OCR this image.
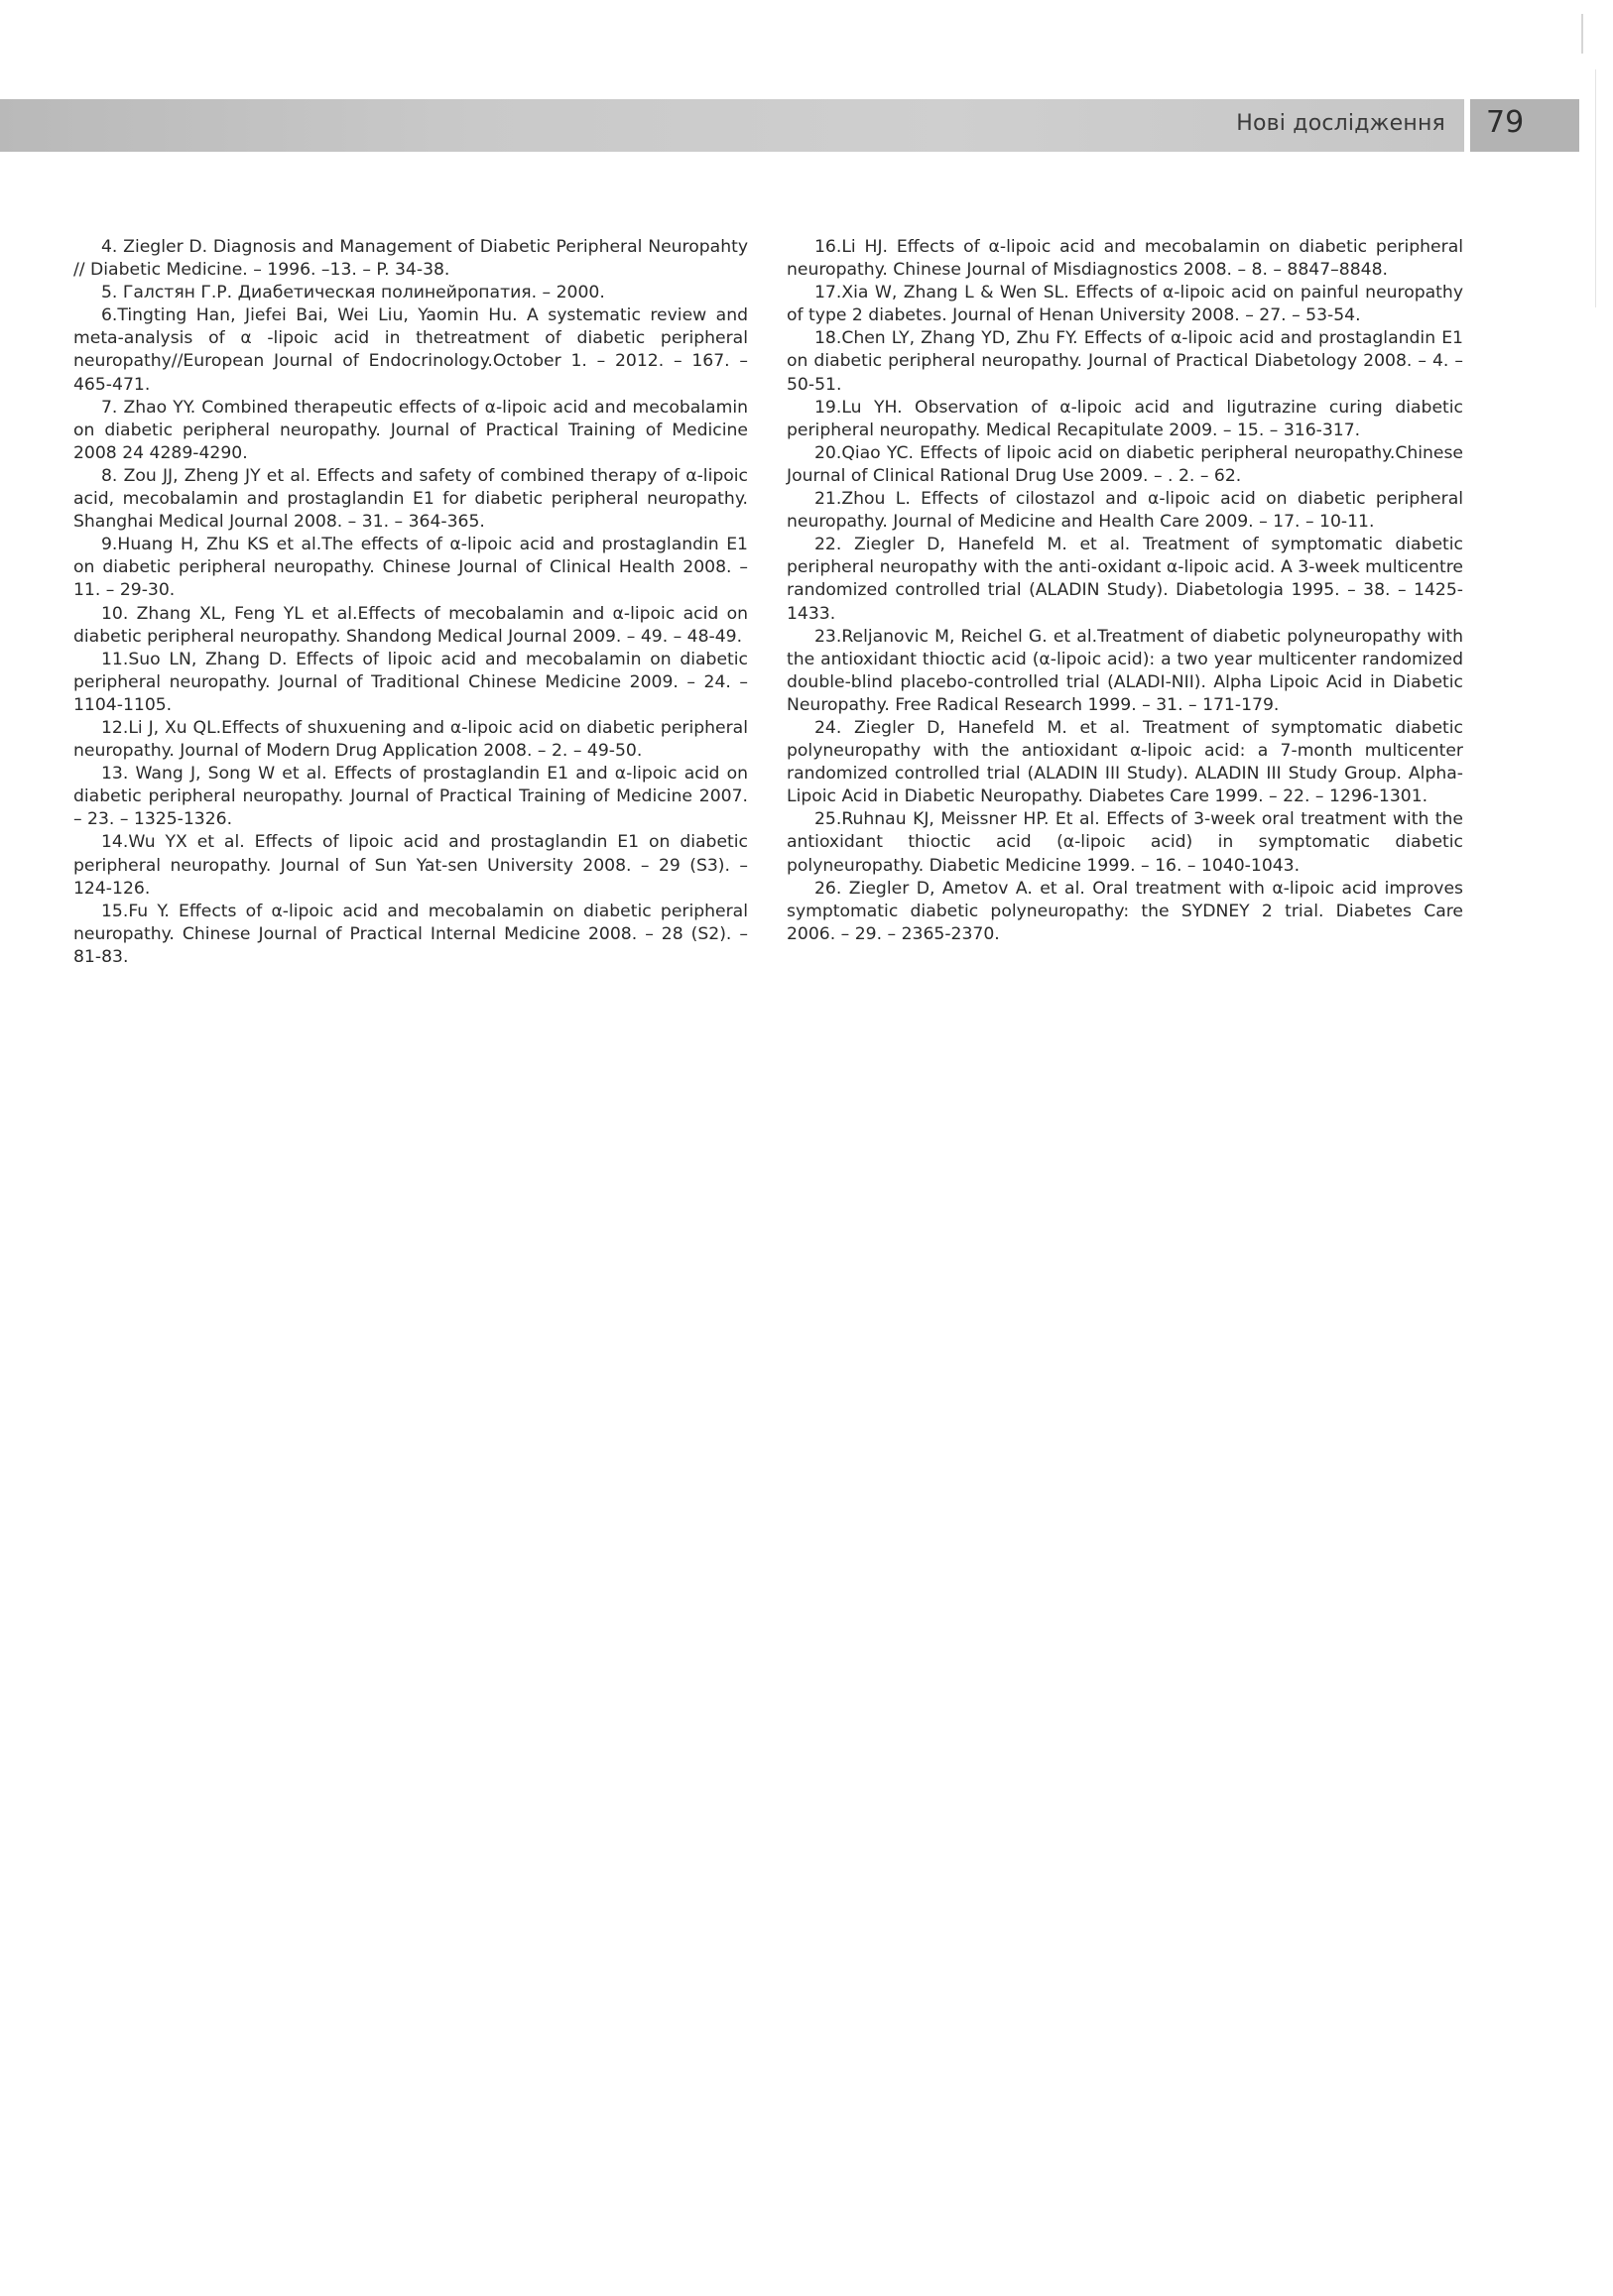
Нові дослідження 79

4. Ziegler D. Diagnosis and Management of Diabetic Peripheral Neuropahty // Diabetic Medicine. – 1996. –13. – P. 34-38.

5. Галстян Г.Р. Диабетическая полинейропатия. – 2000.

6.Tingting Han, Jiefei Bai, Wei Liu, Yaomin Hu. A systematic review and meta-analysis of α -lipoic acid in thetreatment of diabetic peripheral neuropathy//European Journal of Endocrinology.October 1. – 2012. – 167. – 465-471.

7. Zhao YY. Combined therapeutic effects of α-lipoic acid and mecobalamin on diabetic peripheral neuropathy. Journal of Practical Training of Medicine 2008 24 4289-4290.

8. Zou JJ, Zheng JY et al. Effects and safety of combined therapy of α-lipoic acid, mecobalamin and prostaglandin E1 for diabetic peripheral neuropathy. Shanghai Medical Journal 2008. – 31. – 364-365.

9.Huang H, Zhu KS et al.The effects of α-lipoic acid and prostaglandin E1 on diabetic peripheral neuropathy. Chinese Journal of Clinical Health 2008. – 11. – 29-30.

10. Zhang XL, Feng YL et al.Effects of mecobalamin and α-lipoic acid on diabetic peripheral neuropathy. Shandong Medical Journal 2009. – 49. – 48-49.

11.Suo LN, Zhang D. Effects of lipoic acid and mecobalamin on diabetic peripheral neuropathy. Journal of Traditional Chinese Medicine 2009. – 24. – 1104-1105.

12.Li J, Xu QL.Effects of shuxuening and α-lipoic acid on diabetic peripheral neuropathy. Journal of Modern Drug Application 2008. – 2. – 49-50.

13. Wang J, Song W et al. Effects of prostaglandin E1 and α-lipoic acid on diabetic peripheral neuropathy. Journal of Practical Training of Medicine 2007. – 23. – 1325-1326.

14.Wu YX et al. Effects of lipoic acid and prostaglandin E1 on diabetic peripheral neuropathy. Journal of Sun Yat-sen University 2008. – 29 (S3). – 124-126.

15.Fu Y. Effects of α-lipoic acid and mecobalamin on diabetic peripheral neuropathy. Chinese Journal of Practical Internal Medicine 2008. – 28 (S2). – 81-83.

16.Li HJ. Effects of α-lipoic acid and mecobalamin on diabetic peripheral neuropathy. Chinese Journal of Misdiagnostics 2008. – 8. – 8847–8848.

17.Xia W, Zhang L & Wen SL. Effects of α-lipoic acid on painful neuropathy of type 2 diabetes. Journal of Henan University 2008. – 27. – 53-54.

18.Chen LY, Zhang YD, Zhu FY. Effects of α-lipoic acid and prostaglandin E1 on diabetic peripheral neuropathy. Journal of Practical Diabetology 2008. – 4. – 50-51.

19.Lu YH. Observation of α-lipoic acid and ligutrazine curing diabetic peripheral neuropathy. Medical Recapitulate 2009. – 15. – 316-317.

20.Qiao YC. Effects of lipoic acid on diabetic peripheral neuropathy.Chinese Journal of Clinical Rational Drug Use 2009. – . 2. – 62.

21.Zhou L. Effects of cilostazol and α-lipoic acid on diabetic peripheral neuropathy. Journal of Medicine and Health Care 2009. – 17. – 10-11.

22. Ziegler D, Hanefeld M. et al. Treatment of symptomatic diabetic peripheral neuropathy with the anti-oxidant α-lipoic acid. A 3-week multicentre randomized controlled trial (ALADIN Study). Diabetologia 1995. – 38. – 1425-1433.

23.Reljanovic M, Reichel G. et al.Treatment of diabetic polyneuropathy with the antioxidant thioctic acid (α-lipoic acid): a two year multicenter randomized double-blind placebo-controlled trial (ALADI-NII). Alpha Lipoic Acid in Diabetic Neuropathy. Free Radical Research 1999. – 31. – 171-179.

24. Ziegler D, Hanefeld M. et al. Treatment of symptomatic diabetic polyneuropathy with the antioxidant α-lipoic acid: a 7-month multicenter randomized controlled trial (ALADIN III Study). ALADIN III Study Group. Alpha-Lipoic Acid in Diabetic Neuropathy. Diabetes Care 1999. – 22. – 1296-1301.

25.Ruhnau KJ, Meissner HP. Et al. Effects of 3-week oral treatment with the antioxidant thioctic acid (α-lipoic acid) in symptomatic diabetic polyneuropathy. Diabetic Medicine 1999. – 16. – 1040-1043.

26. Ziegler D, Ametov A. et al. Oral treatment with α-lipoic acid improves symptomatic diabetic polyneuropathy: the SYDNEY 2 trial. Diabetes Care 2006. – 29. – 2365-2370.
